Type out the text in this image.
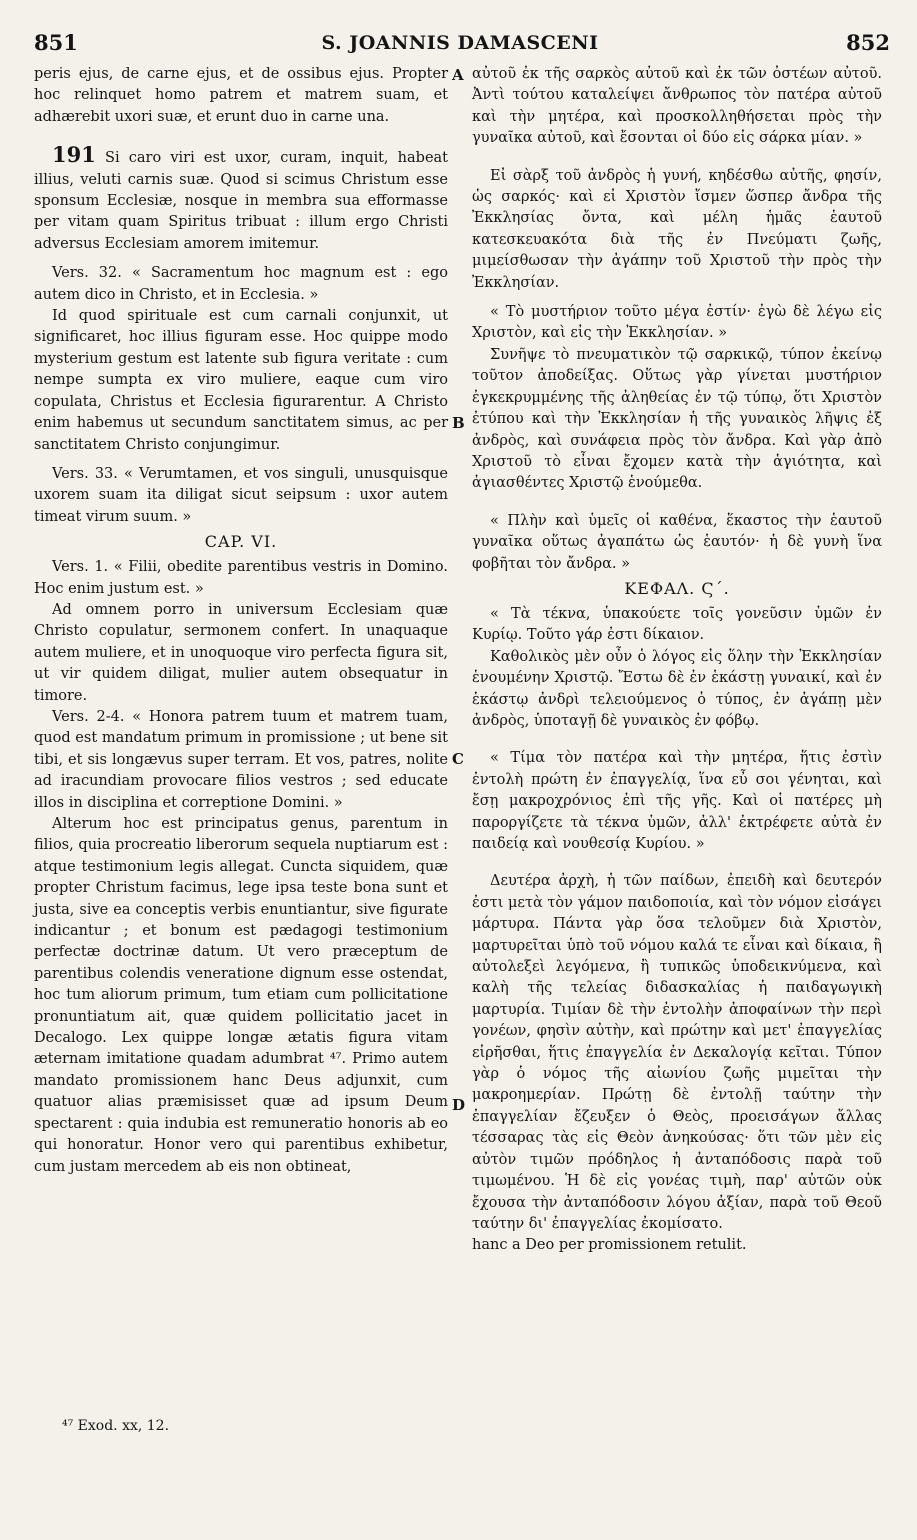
851	S. JOANNIS DAMASCENI	852

peris ejus, de carne ejus, et de ossibus ejus. Propter hoc relinquet homo patrem et matrem suam, et adhærebit uxori suæ, et erunt duo in carne una.

191 Si caro viri est uxor, curam, inquit, habeat illius, veluti carnis suæ. Quod si scimus Christum esse sponsum Ecclesiæ, nosque in membra sua efformasse per vitam quam Spiritus tribuat : illum ergo Christi adversus Ecclesiam amorem imitemur.

Vers. 32. « Sacramentum hoc magnum est : ego autem dico in Christo, et in Ecclesia. »

Id quod spirituale est cum carnali conjunxit, ut significaret, hoc illius figuram esse. Hoc quippe modo mysterium gestum est latente sub figura veritate : cum nempe sumpta ex viro muliere, eaque cum viro copulata, Christus et Ecclesia figurarentur. A Christo enim habemus ut secundum sanctitatem simus, ac per sanctitatem Christo conjungimur.

Vers. 33. « Verumtamen, et vos singuli, unusquisque uxorem suam ita diligat sicut seipsum : uxor autem timeat virum suum. »

CAP. VI.

Vers. 1. « Filii, obedite parentibus vestris in Domino. Hoc enim justum est. »

Ad omnem porro in universum Ecclesiam quæ Christo copulatur, sermonem confert. In unaquaque autem muliere, et in unoquoque viro perfecta figura sit, ut vir quidem diligat, mulier autem obsequatur in timore.

Vers. 2-4. « Honora patrem tuum et matrem tuam, quod est mandatum primum in promissione ; ut bene sit tibi, et sis longævus super terram. Et vos, patres, nolite ad iracundiam provocare filios vestros ; sed educate illos in disciplina et correptione Domini. »

Alterum hoc est principatus genus, parentum in filios, quia procreatio liberorum sequela nuptiarum est : atque testimonium legis allegat. Cuncta siquidem, quæ propter Christum facimus, lege ipsa teste bona sunt et justa, sive ea conceptis verbis enuntiantur, sive figurate indicantur ; et bonum est pædagogi testimonium perfectæ doctrinæ datum. Ut vero præceptum de parentibus colendis veneratione dignum esse ostendat, hoc tum aliorum primum, tum etiam cum pollicitatione pronuntiatum ait, quæ quidem pollicitatio jacet in Decalogo. Lex quippe longæ ætatis figura vitam æternam imitatione quadam adumbrat ⁴⁷. Primo autem mandato promissionem hanc Deus adjunxit, cum quatuor alias præmisisset quæ ad ipsum Deum spectarent : quia indubia est remuneratio honoris ab eo qui honoratur. Honor vero qui parentibus exhibetur, cum justam mercedem ab eis non obtineat,

A
B
C
D

αὐτοῦ ἐκ τῆς σαρκὸς αὐτοῦ καὶ ἐκ τῶν ὀστέων αὐτοῦ. Ἀντὶ τούτου καταλείψει ἄνθρωπος τὸν πατέρα αὐτοῦ καὶ τὴν μητέρα, καὶ προσκολληθήσεται πρὸς τὴν γυναῖκα αὐτοῦ, καὶ ἔσονται οἱ δύο εἰς σάρκα μίαν. »

Εἰ σὰρξ τοῦ ἀνδρὸς ἡ γυνή, κηδέσθω αὐτῆς, φησίν, ὡς σαρκός· καὶ εἰ Χριστὸν ἴσμεν ὥσπερ ἄνδρα τῆς Ἐκκλησίας ὄντα, καὶ μέλη ἡμᾶς ἑαυτοῦ κατεσκευακότα διὰ τῆς ἐν Πνεύματι ζωῆς, μιμείσθωσαν τὴν ἀγάπην τοῦ Χριστοῦ τὴν πρὸς τὴν Ἐκκλησίαν.

« Τὸ μυστήριον τοῦτο μέγα ἐστίν· ἐγὼ δὲ λέγω εἰς Χριστὸν, καὶ εἰς τὴν Ἐκκλησίαν. »

Συνῆψε τὸ πνευματικὸν τῷ σαρκικῷ, τύπον ἐκείνῳ τοῦτον ἀποδείξας. Οὕτως γὰρ γίνεται μυστήριον ἐγκεκρυμμένης τῆς ἀληθείας ἐν τῷ τύπῳ, ὅτι Χριστὸν ἐτύπου καὶ τὴν Ἐκκλησίαν ἡ τῆς γυναικὸς λῆψις ἐξ ἀνδρὸς, καὶ συνάφεια πρὸς τὸν ἄνδρα. Καὶ γὰρ ἀπὸ Χριστοῦ τὸ εἶναι ἔχομεν κατὰ τὴν ἁγιότητα, καὶ ἁγιασθέντες Χριστῷ ἑνούμεθα.

« Πλὴν καὶ ὑμεῖς οἱ καθένα, ἕκαστος τὴν ἑαυτοῦ γυναῖκα οὕτως ἀγαπάτω ὡς ἑαυτόν· ἡ δὲ γυνὴ ἵνα φοβῆται τὸν ἄνδρα. »

ΚΕΦΑΛ. Ϛ΄.

« Τὰ τέκνα, ὑπακούετε τοῖς γονεῦσιν ὑμῶν ἐν Κυρίῳ. Τοῦτο γάρ ἐστι δίκαιον.

Καθολικὸς μὲν οὖν ὁ λόγος εἰς ὅλην τὴν Ἐκκλησίαν ἑνουμένην Χριστῷ. Ἔστω δὲ ἐν ἑκάστῃ γυναικί, καὶ ἐν ἑκάστῳ ἀνδρὶ τελειούμενος ὁ τύπος, ἐν ἀγάπῃ μὲν ἀνδρὸς, ὑποταγῇ δὲ γυναικὸς ἐν φόβῳ.

« Τίμα τὸν πατέρα καὶ τὴν μητέρα, ἥτις ἐστὶν ἐντολὴ πρώτη ἐν ἐπαγγελίᾳ, ἵνα εὖ σοι γένηται, καὶ ἔσῃ μακροχρόνιος ἐπὶ τῆς γῆς. Καὶ οἱ πατέρες μὴ παροργίζετε τὰ τέκνα ὑμῶν, ἀλλ' ἐκτρέφετε αὐτὰ ἐν παιδείᾳ καὶ νουθεσίᾳ Κυρίου. »

Δευτέρα ἀρχὴ, ἡ τῶν παίδων, ἐπειδὴ καὶ δευτερόν ἐστι μετὰ τὸν γάμον παιδοποιία, καὶ τὸν νόμον εἰσάγει μάρτυρα. Πάντα γὰρ ὅσα τελοῦμεν διὰ Χριστὸν, μαρτυρεῖται ὑπὸ τοῦ νόμου καλά τε εἶναι καὶ δίκαια, ἢ αὐτολεξεὶ λεγόμενα, ἢ τυπικῶς ὑποδεικνύμενα, καὶ καλὴ τῆς τελείας διδασκαλίας ἡ παιδαγωγικὴ μαρτυρία. Τιμίαν δὲ τὴν ἐντολὴν ἀποφαίνων τὴν περὶ γονέων, φησὶν αὐτὴν, καὶ πρώτην καὶ μετ' ἐπαγγελίας εἰρῆσθαι, ἥτις ἐπαγγελία ἐν Δεκαλογίᾳ κεῖται. Τύπον γὰρ ὁ νόμος τῆς αἰωνίου ζωῆς μιμεῖται τὴν μακροημερίαν. Πρώτῃ δὲ ἐντολῇ ταύτην τὴν ἐπαγγελίαν ἔζευξεν ὁ Θεὸς, προεισάγων ἄλλας τέσσαρας τὰς εἰς Θεὸν ἀνηκούσας· ὅτι τῶν μὲν εἰς αὐτὸν τιμῶν πρόδηλος ἡ ἀνταπόδοσις παρὰ τοῦ τιμωμένου. Ἡ δὲ εἰς γονέας τιμὴ, παρ' αὐτῶν οὐκ ἔχουσα τὴν ἀνταπόδοσιν λόγου ἀξίαν, παρὰ τοῦ Θεοῦ ταύτην δι' ἐπαγγελίας ἐκομίσατο.

hanc a Deo per promissionem retulit.

⁴⁷ Exod. xx, 12.
